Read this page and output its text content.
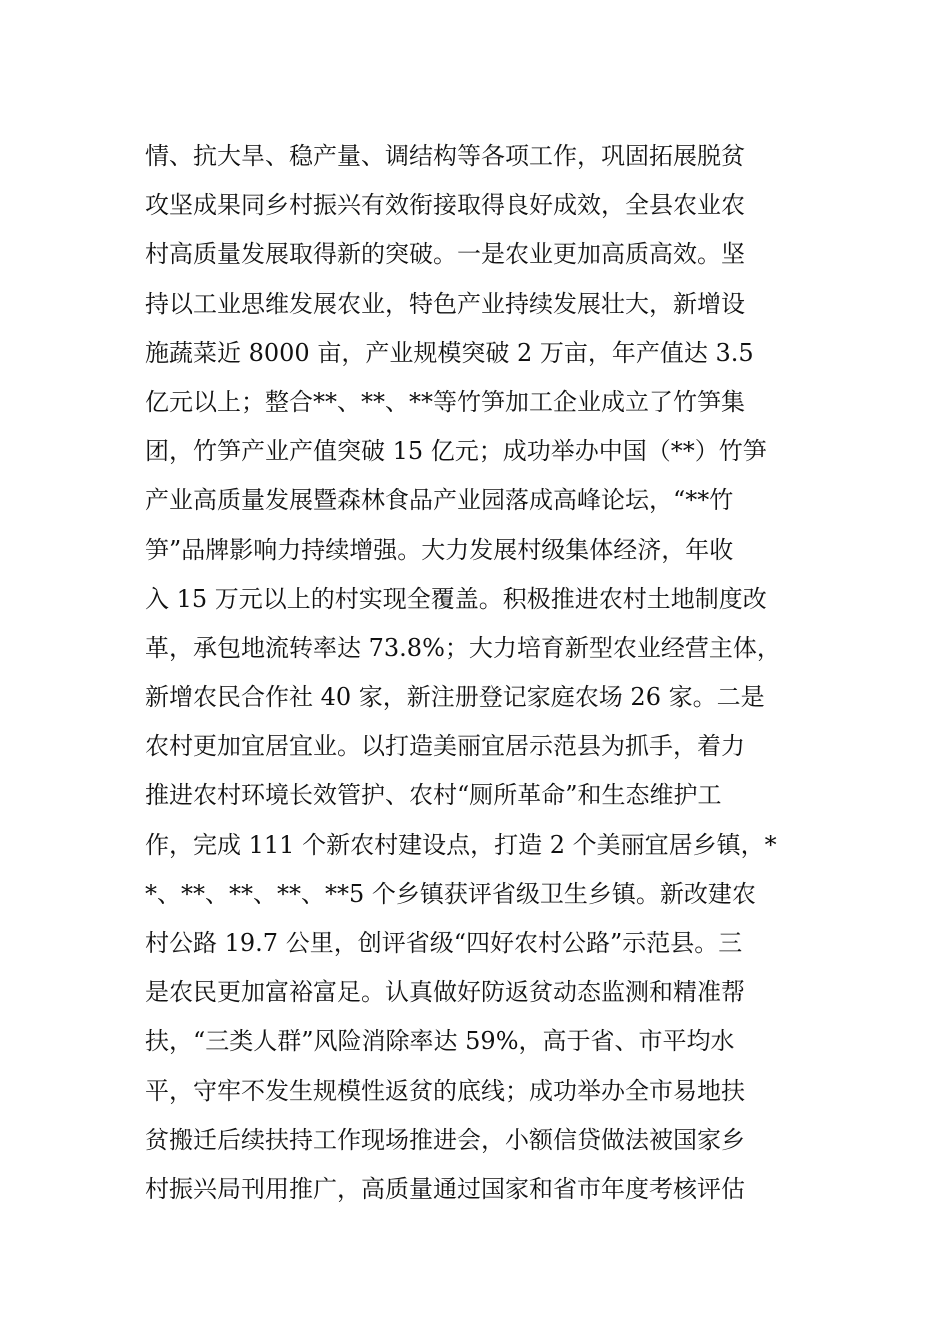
情、抗大旱、稳产量、调结构等各项工作，巩固拓展脱贫
攻坚成果同乡村振兴有效衔接取得良好成效，全县农业农
村高质量发展取得新的突破。一是农业更加高质高效。坚
持以工业思维发展农业，特色产业持续发展壮大，新增设
施蔬菜近 8000 亩，产业规模突破 2 万亩，年产值达 3.5
亿元以上；整合**、**、**等竹笋加工企业成立了竹笋集
团，竹笋产业产值突破 15 亿元；成功举办中国（**）竹笋
产业高质量发展暨森林食品产业园落成高峰论坛，“**竹
笋”品牌影响力持续增强。大力发展村级集体经济，年收
入 15 万元以上的村实现全覆盖。积极推进农村土地制度改
革，承包地流转率达 73.8%；大力培育新型农业经营主体，
新增农民合作社 40 家，新注册登记家庭农场 26 家。二是
农村更加宜居宜业。以打造美丽宜居示范县为抓手，着力
推进农村环境长效管护、农村“厕所革命”和生态维护工
作，完成 111 个新农村建设点，打造 2 个美丽宜居乡镇，*
*、**、**、**、**5 个乡镇获评省级卫生乡镇。新改建农
村公路 19.7 公里，创评省级“四好农村公路”示范县。三
是农民更加富裕富足。认真做好防返贫动态监测和精准帮
扶，“三类人群”风险消除率达 59%，高于省、市平均水
平，守牢不发生规模性返贫的底线；成功举办全市易地扶
贫搬迁后续扶持工作现场推进会，小额信贷做法被国家乡
村振兴局刊用推广，高质量通过国家和省市年度考核评估
